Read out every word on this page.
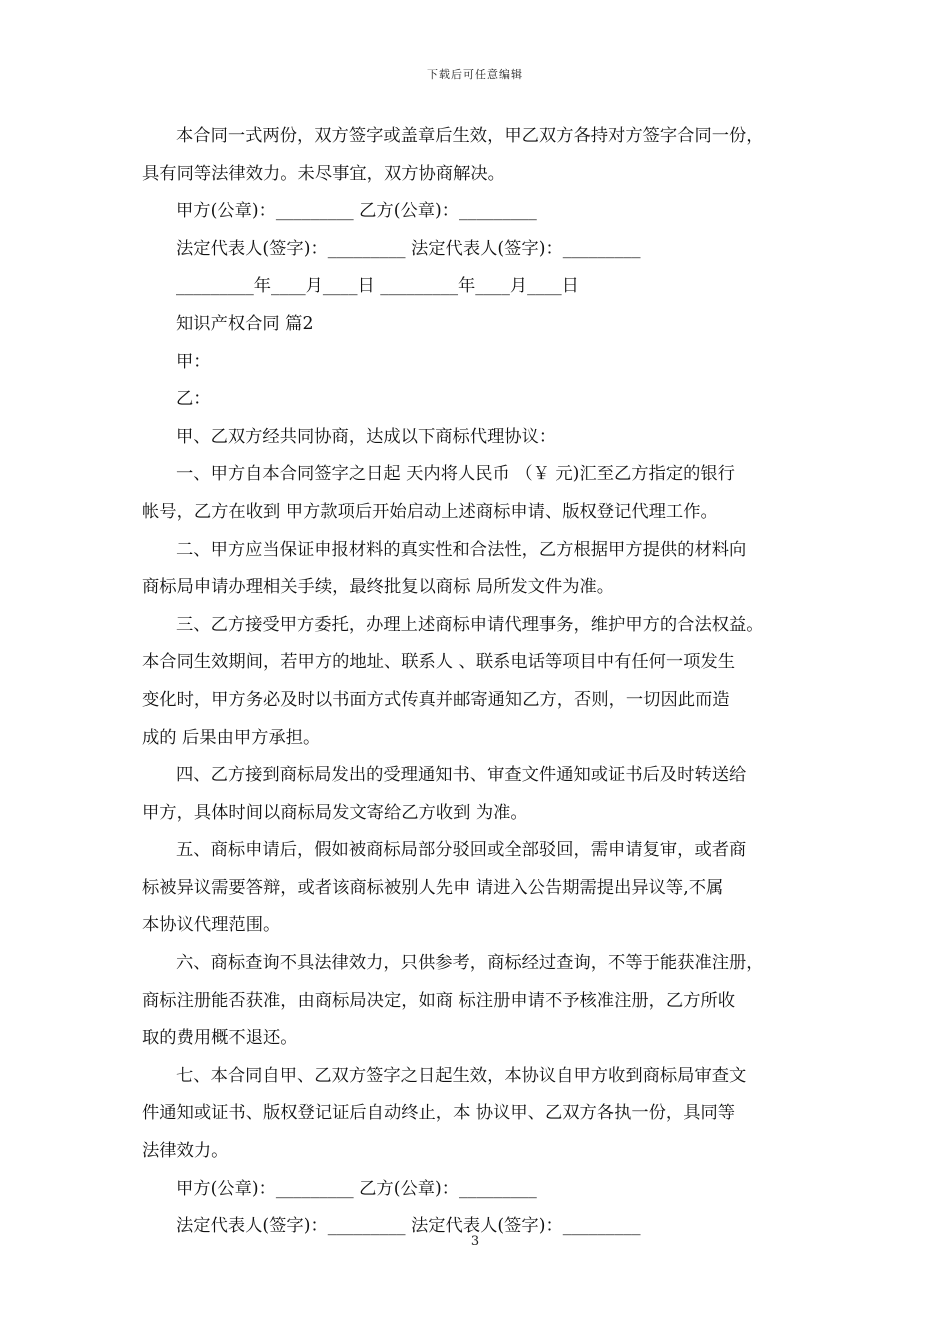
下载后可任意编辑

本合同一式两份，双方签字或盖章后生效，甲乙双方各持对方签字合同一份，

具有同等法律效力。未尽事宜，双方协商解决。

甲方(公章)：_________ 乙方(公章)：_________

法定代表人(签字)：_________ 法定代表人(签字)：_________

_________年____月____日 _________年____月____日

知识产权合同 篇2

甲：

乙：

甲、乙双方经共同协商，达成以下商标代理协议：

一、甲方自本合同签字之日起 天内将人民币 （￥ 元)汇至乙方指定的银行

帐号，乙方在收到 甲方款项后开始启动上述商标申请、版权登记代理工作。

二、甲方应当保证申报材料的真实性和合法性，乙方根据甲方提供的材料向

商标局申请办理相关手续，最终批复以商标 局所发文件为准。

三、乙方接受甲方委托，办理上述商标申请代理事务，维护甲方的合法权益。

本合同生效期间，若甲方的地址、联系人 、联系电话等项目中有任何一项发生

变化时，甲方务必及时以书面方式传真并邮寄通知乙方，否则，一切因此而造

成的 后果由甲方承担。

四、乙方接到商标局发出的受理通知书、审查文件通知或证书后及时转送给

甲方，具体时间以商标局发文寄给乙方收到 为准。

五、商标申请后，假如被商标局部分驳回或全部驳回，需申请复审，或者商

标被异议需要答辩，或者该商标被别人先申 请进入公告期需提出异议等,不属

本协议代理范围。

六、商标查询不具法律效力，只供参考，商标经过查询，不等于能获准注册，

商标注册能否获准，由商标局决定，如商 标注册申请不予核准注册，乙方所收

取的费用概不退还。

七、本合同自甲、乙双方签字之日起生效，本协议自甲方收到商标局审查文

件通知或证书、版权登记证后自动终止，本 协议甲、乙双方各执一份，具同等

法律效力。

甲方(公章)：_________ 乙方(公章)：_________

法定代表人(签字)：_________ 法定代表人(签字)：_________

3
